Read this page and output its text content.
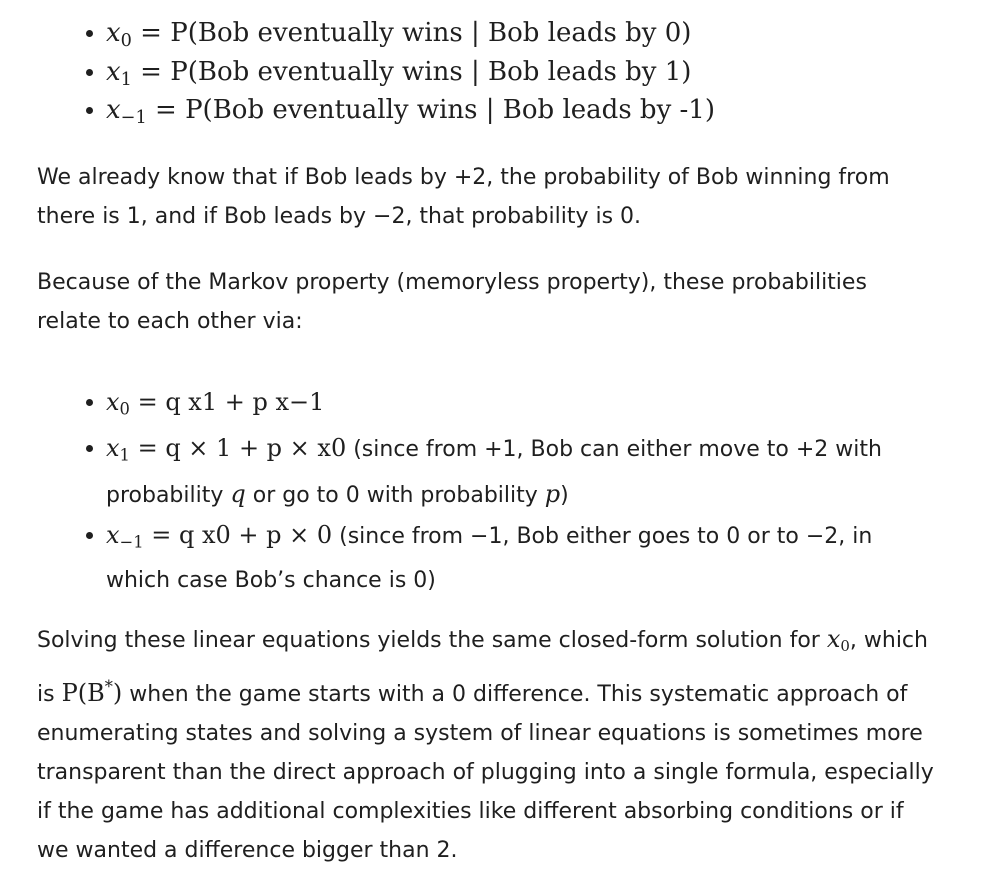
$x_0 = P(Bob$ eventually wins | Bob leads by 0)
$x_1 = P(Bob$ eventually wins | Bob leads by 1)
$x_{-1} = P(Bob$ eventually wins | Bob leads by -1)

We already know that if Bob leads by +2, the probability of Bob winning from there is 1, and if Bob leads by −2, that probability is 0.

Because of the Markov property (memoryless property), these probabilities relate to each other via:

$x_0 = q$ x1 + p x−1
$x_1 = q \times 1 + p \times x0$ (since from +1, Bob can either move to +2 with probability q or go to 0 with probability p)
$x_{-1} = q$ x0 + p × 0 (since from −1, Bob either goes to 0 or to −2, in which case Bob’s chance is 0)

Solving these linear equations yields the same closed-form solution for $x_0$, which is P(B*) when the game starts with a 0 difference. This systematic approach of enumerating states and solving a system of linear equations is sometimes more transparent than the direct approach of plugging into a single formula, especially if the game has additional complexities like different absorbing conditions or if we wanted a difference bigger than 2.
